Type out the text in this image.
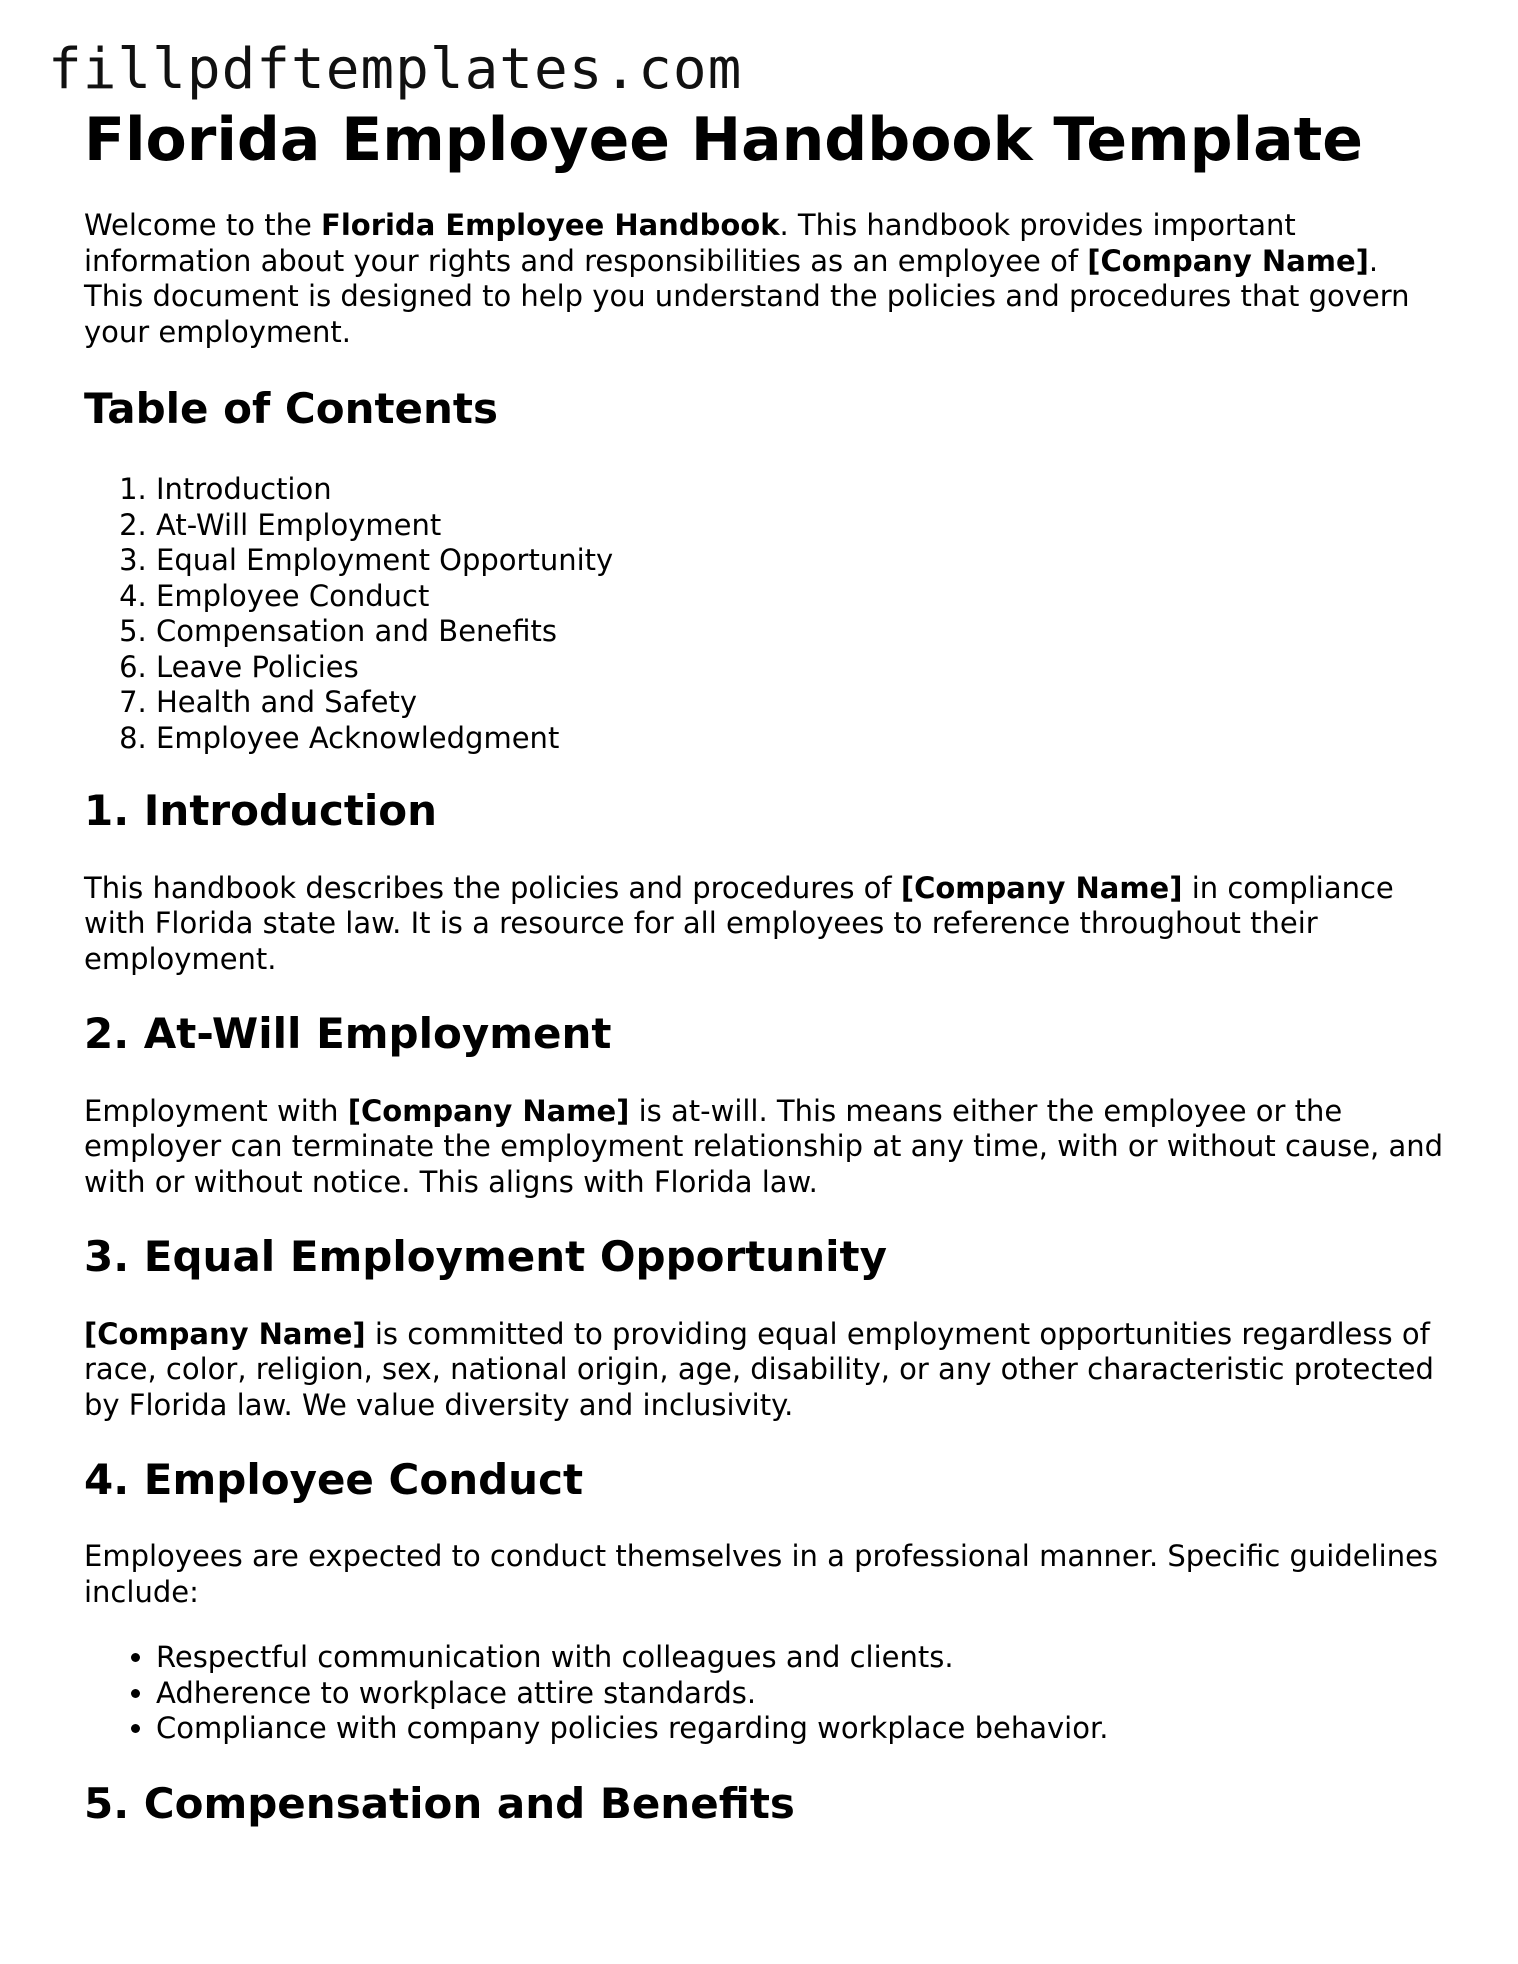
fillpdftemplates.com
Florida Employee Handbook Template

Welcome to the Florida Employee Handbook. This handbook provides important information about your rights and responsibilities as an employee of [Company Name]. This document is designed to help you understand the policies and procedures that govern your employment.

Table of Contents
1. Introduction
2. At-Will Employment
3. Equal Employment Opportunity
4. Employee Conduct
5. Compensation and Benefits
6. Leave Policies
7. Health and Safety
8. Employee Acknowledgment
1. Introduction

This handbook describes the policies and procedures of [Company Name] in compliance with Florida state law. It is a resource for all employees to reference throughout their employment.

2. At-Will Employment

Employment with [Company Name] is at-will. This means either the employee or the employer can terminate the employment relationship at any time, with or without cause, and with or without notice. This aligns with Florida law.

3. Equal Employment Opportunity

[Company Name] is committed to providing equal employment opportunities regardless of race, color, religion, sex, national origin, age, disability, or any other characteristic protected by Florida law. We value diversity and inclusivity.

4. Employee Conduct

Employees are expected to conduct themselves in a professional manner. Specific guidelines include:

• Respectful communication with colleagues and clients.
• Adherence to workplace attire standards.
• Compliance with company policies regarding workplace behavior.
5. Compensation and Benefits
